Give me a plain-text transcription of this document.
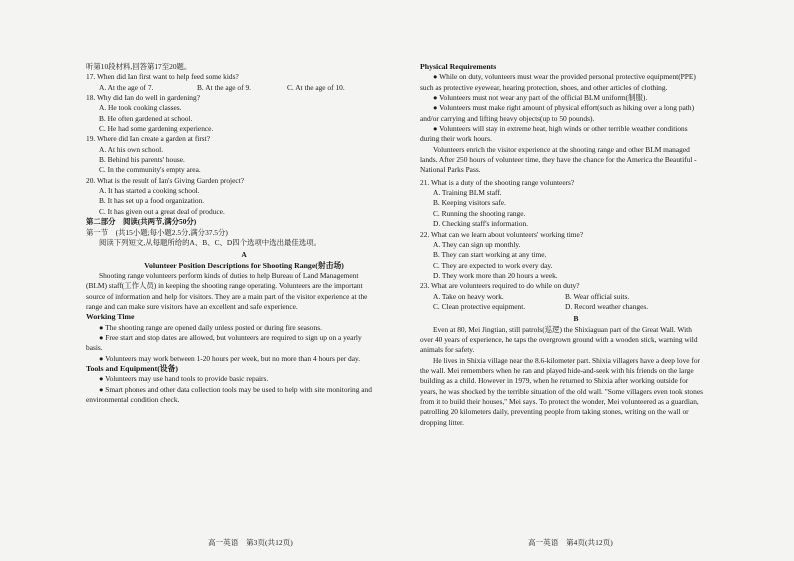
听第10段材料,回答第17至20题。
17. When did Ian first want to help feed some kids?
A. At the age of 7.	B. At the age of 9.	C. At the age of 10.
18. Why did Ian do well in gardening?
A. He took cooking classes.
B. He often gardened at school.
C. He had some gardening experience.
19. Where did Ian create a garden at first?
A. At his own school.
B. Behind his parents' house.
C. In the community's empty area.
20. What is the result of Ian's Giving Garden project?
A. It has started a cooking school.
B. It has set up a food organization.
C. It has given out a great deal of produce.
第二部分　阅读(共两节,满分50分)
第一节　(共15小题;每小题2.5分,满分37.5分)
阅读下列短文,从每题所给的A、B、C、D四个选项中选出最佳选项。
A
Volunteer Position Descriptions for Shooting Range(射击场)
Shooting range volunteers perform kinds of duties to help Bureau of Land Management
(BLM) staff(工作人员) in keeping the shooting range operating. Volunteers are the important
source of information and help for visitors. They are a main part of the visitor experience at the
range and can make sure visitors have an excellent and safe experience.
Working Time
● The shooting range are opened daily unless posted or during fire seasons.
● Free start and stop dates are allowed, but volunteers are required to sign up on a yearly
basis.
● Volunteers may work between 1-20 hours per week, but no more than 4 hours per day.
Tools and Equipment(设备)
● Volunteers may use hand tools to provide basic repairs.
● Smart phones and other data collection tools may be used to help with site monitoring and
environmental condition check.
Physical Requirements
● While on duty, volunteers must wear the provided personal protective equipment(PPE)
such as protective eyewear, hearing protection, shoes, and other articles of clothing.
● Volunteers must not wear any part of the official BLM uniform(制服).
● Volunteers must make right amount of physical effort(such as hiking over a long path)
and/or carrying and lifting heavy objects(up to 50 pounds).
● Volunteers will stay in extreme heat, high winds or other terrible weather conditions
during their work hours.
Volunteers enrich the visitor experience at the shooting range and other BLM managed
lands. After 250 hours of volunteer time, they have the chance for the America the Beautiful -
National Parks Pass.
21. What is a duty of the shooting range volunteers?
A. Training BLM staff.
B. Keeping visitors safe.
C. Running the shooting range.
D. Checking staff's information.
22. What can we learn about volunteers' working time?
A. They can sign up monthly.
B. They can start working at any time.
C. They are expected to work every day.
D. They work more than 20 hours a week.
23. What are volunteers required to do while on duty?
A. Take on heavy work.	B. Wear official suits.
C. Clean protective equipment.	D. Record weather changes.
B
Even at 80, Mei Jingtian, still patrols(巡逻) the Shixiaguan part of the Great Wall. With
over 40 years of experience, he taps the overgrown ground with a wooden stick, warning wild
animals for safety.
He lives in Shixia village near the 8.6-kilometer part. Shixia villagers have a deep love for
the wall. Mei remembers when he ran and played hide-and-seek with his friends on the large
building as a child. However in 1979, when he returned to Shixia after working outside for
years, he was shocked by the terrible situation of the old wall. "Some villagers even took stones
from it to build their houses," Mei says. To protect the wonder, Mei volunteered as a guardian,
patrolling 20 kilometers daily, preventing people from taking stones, writing on the wall or
dropping litter.
高一英语　第3页(共12页)	高一英语　第4页(共12页)
